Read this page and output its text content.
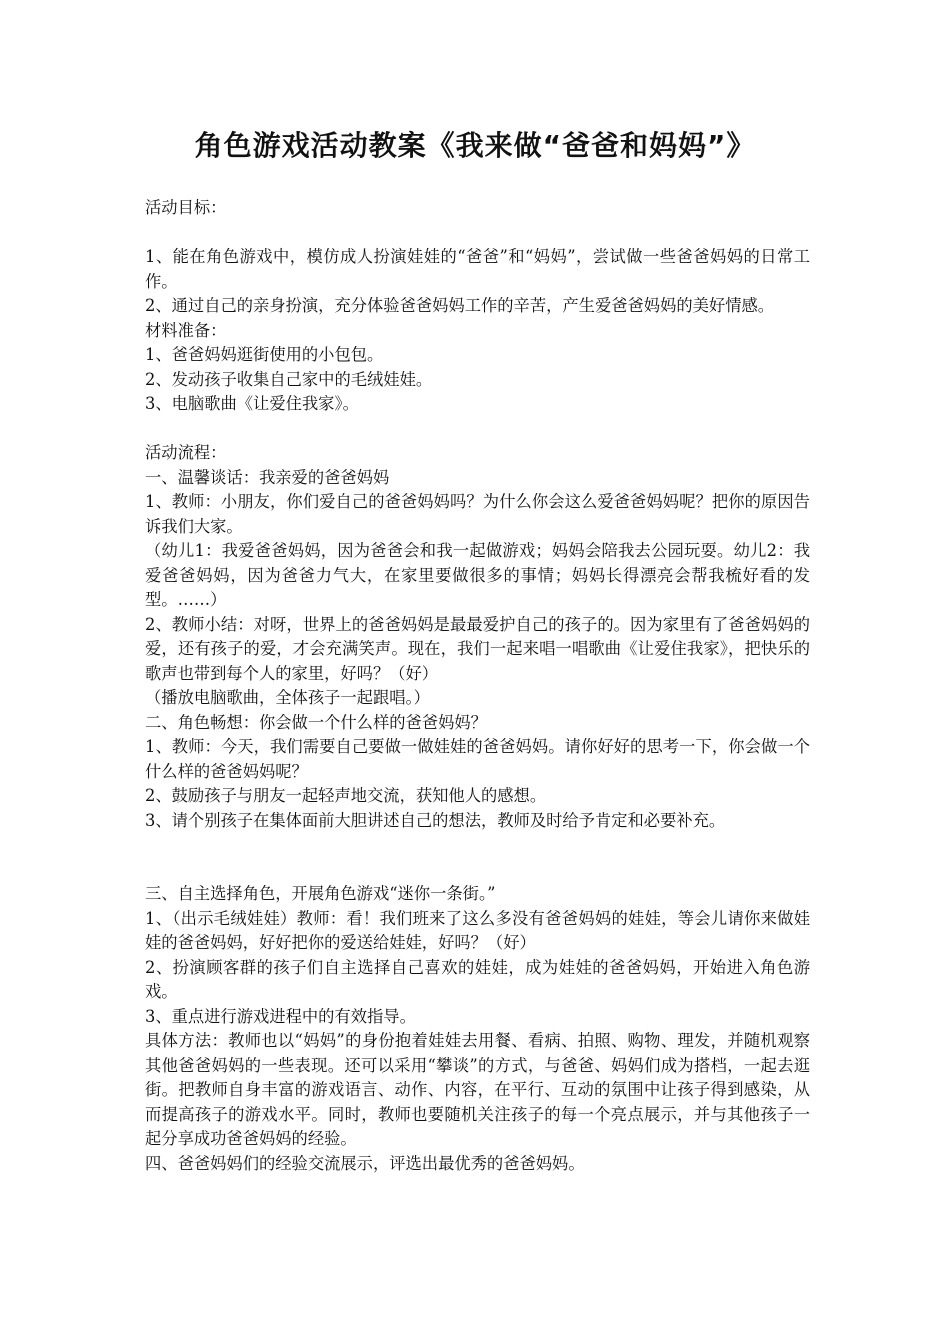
角色游戏活动教案《我来做“爸爸和妈妈”》

活动目标：

1、能在角色游戏中，模仿成人扮演娃娃的“爸爸”和“妈妈”，尝试做一些爸爸妈妈的日常工作。

2、通过自己的亲身扮演，充分体验爸爸妈妈工作的辛苦，产生爱爸爸妈妈的美好情感。

材料准备：

1、爸爸妈妈逛街使用的小包包。

2、发动孩子收集自己家中的毛绒娃娃。

3、电脑歌曲《让爱住我家》。

活动流程：

一、温馨谈话：我亲爱的爸爸妈妈

1、教师：小朋友，你们爱自己的爸爸妈妈吗？为什么你会这么爱爸爸妈妈呢？把你的原因告诉我们大家。

（幼儿1：我爱爸爸妈妈，因为爸爸会和我一起做游戏；妈妈会陪我去公园玩耍。幼儿2：我爱爸爸妈妈，因为爸爸力气大，在家里要做很多的事情；妈妈长得漂亮会帮我梳好看的发型。……）

2、教师小结：对呀，世界上的爸爸妈妈是最最爱护自己的孩子的。因为家里有了爸爸妈妈的爱，还有孩子的爱，才会充满笑声。现在，我们一起来唱一唱歌曲《让爱住我家》，把快乐的歌声也带到每个人的家里，好吗？（好）

（播放电脑歌曲，全体孩子一起跟唱。）

二、角色畅想：你会做一个什么样的爸爸妈妈？

1、教师：今天，我们需要自己要做一做娃娃的爸爸妈妈。请你好好的思考一下，你会做一个什么样的爸爸妈妈呢？

2、鼓励孩子与朋友一起轻声地交流，获知他人的感想。

3、请个别孩子在集体面前大胆讲述自己的想法，教师及时给予肯定和必要补充。

三、自主选择角色，开展角色游戏“迷你一条街。”

1、（出示毛绒娃娃）教师：看！我们班来了这么多没有爸爸妈妈的娃娃，等会儿请你来做娃娃的爸爸妈妈，好好把你的爱送给娃娃，好吗？（好）

2、扮演顾客群的孩子们自主选择自己喜欢的娃娃，成为娃娃的爸爸妈妈，开始进入角色游戏。

3、重点进行游戏进程中的有效指导。

具体方法：教师也以“妈妈”的身份抱着娃娃去用餐、看病、拍照、购物、理发，并随机观察其他爸爸妈妈的一些表现。还可以采用“攀谈”的方式，与爸爸、妈妈们成为搭档，一起去逛街。把教师自身丰富的游戏语言、动作、内容，在平行、互动的氛围中让孩子得到感染，从而提高孩子的游戏水平。同时，教师也要随机关注孩子的每一个亮点展示，并与其他孩子一起分享成功爸爸妈妈的经验。

四、爸爸妈妈们的经验交流展示，评选出最优秀的爸爸妈妈。
